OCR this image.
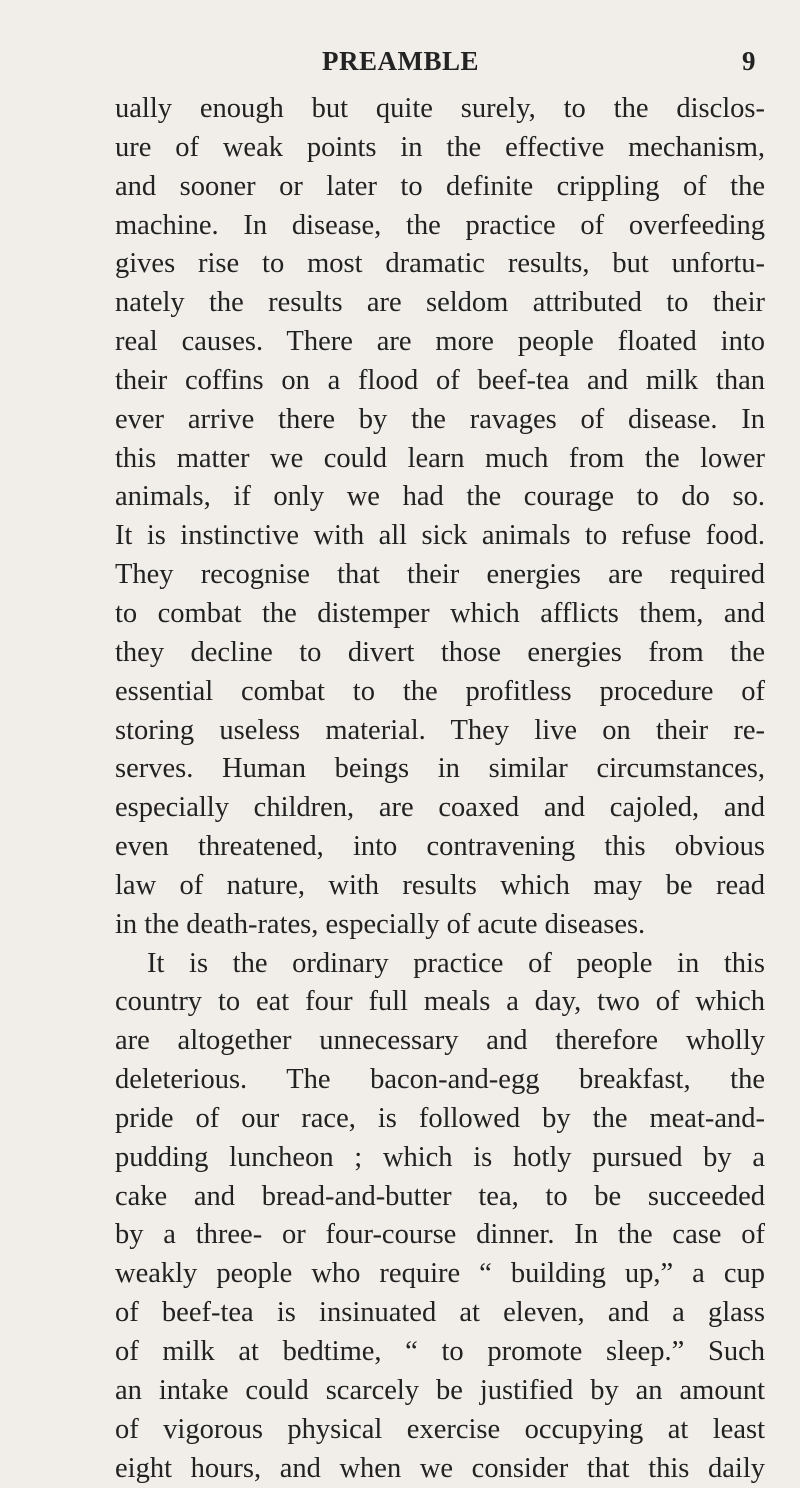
PREAMBLE	9
ually enough but quite surely, to the disclos-
ure of weak points in the effective mechanism,
and sooner or later to definite crippling of the
machine. In disease, the practice of overfeeding
gives rise to most dramatic results, but unfortu-
nately the results are seldom attributed to their
real causes. There are more people floated into
their coffins on a flood of beef-tea and milk than
ever arrive there by the ravages of disease. In
this matter we could learn much from the lower
animals, if only we had the courage to do so.
It is instinctive with all sick animals to refuse food.
They recognise that their energies are required
to combat the distemper which afflicts them, and
they decline to divert those energies from the
essential combat to the profitless procedure of
storing useless material. They live on their re-
serves. Human beings in similar circumstances,
especially children, are coaxed and cajoled, and
even threatened, into contravening this obvious
law of nature, with results which may be read
in the death-rates, especially of acute diseases.
It is the ordinary practice of people in this
country to eat four full meals a day, two of which
are altogether unnecessary and therefore wholly
deleterious. The bacon-and-egg breakfast, the
pride of our race, is followed by the meat-and-
pudding luncheon ; which is hotly pursued by a
cake and bread-and-butter tea, to be succeeded
by a three- or four-course dinner. In the case of
weakly people who require “ building up,” a cup
of beef-tea is insinuated at eleven, and a glass
of milk at bedtime, “ to promote sleep.” Such
an intake could scarcely be justified by an amount
of vigorous physical exercise occupying at least
eight hours, and when we consider that this daily
